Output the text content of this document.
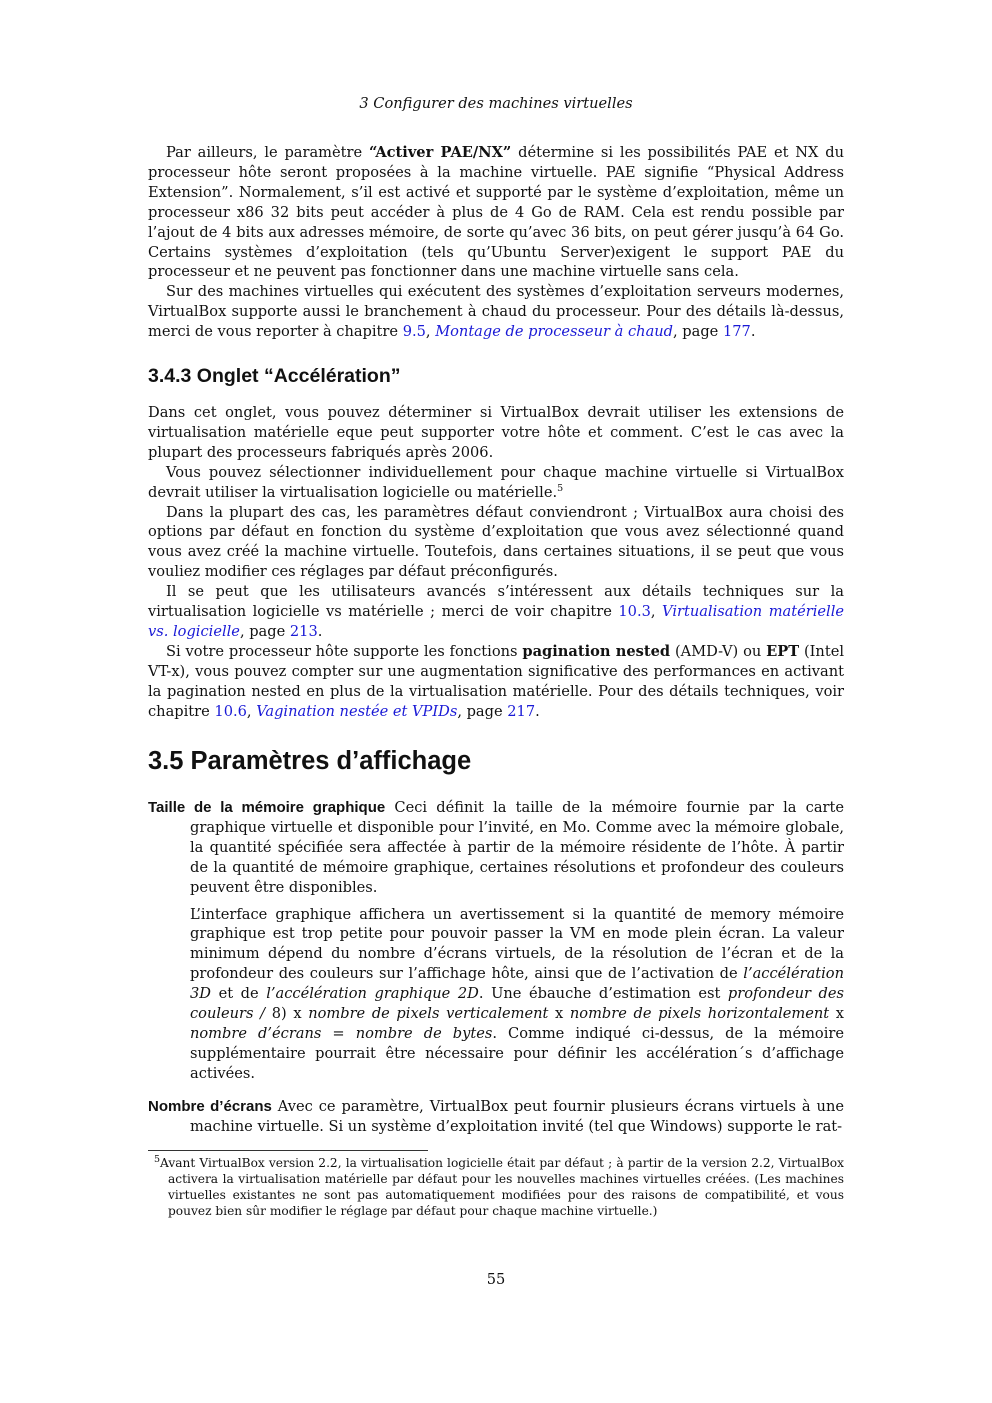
3 Configurer des machines virtuelles

Par ailleurs, le paramètre “Activer PAE/NX” détermine si les possibilités PAE et NX du processeur hôte seront proposées à la machine virtuelle. PAE signifie “Physical Address Extension”. Normalement, s’il est activé et supporté par le système d’exploitation, même un processeur x86 32 bits peut accéder à plus de 4 Go de RAM. Cela est rendu possible par l’ajout de 4 bits aux adresses mémoire, de sorte qu’avec 36 bits, on peut gérer jusqu’à 64 Go. Certains systèmes d’exploitation (tels qu’Ubuntu Server)exigent le support PAE du processeur et ne peuvent pas fonctionner dans une machine virtuelle sans cela.

Sur des machines virtuelles qui exécutent des systèmes d’exploitation serveurs modernes, VirtualBox supporte aussi le branchement à chaud du processeur. Pour des détails là-dessus, merci de vous reporter à chapitre 9.5, Montage de processeur à chaud, page 177.

3.4.3 Onglet “Accélération”

Dans cet onglet, vous pouvez déterminer si VirtualBox devrait utiliser les extensions de virtualisation matérielle eque peut supporter votre hôte et comment. C’est le cas avec la plupart des processeurs fabriqués après 2006.

Vous pouvez sélectionner individuellement pour chaque machine virtuelle si VirtualBox devrait utiliser la virtualisation logicielle ou matérielle.$^5$

Dans la plupart des cas, les paramètres défaut conviendront ; VirtualBox aura choisi des options par défaut en fonction du système d’exploitation que vous avez sélectionné quand vous avez créé la machine virtuelle. Toutefois, dans certaines situations, il se peut que vous vouliez modifier ces réglages par défaut préconfigurés.

Il se peut que les utilisateurs avancés s’intéressent aux détails techniques sur la virtualisation logicielle vs matérielle ; merci de voir chapitre 10.3, Virtualisation matérielle vs. logicielle, page 213.

Si votre processeur hôte supporte les fonctions pagination nested (AMD-V) ou EPT (Intel VT-x), vous pouvez compter sur une augmentation significative des performances en activant la pagination nested en plus de la virtualisation matérielle. Pour des détails techniques, voir chapitre 10.6, Vagination nestée et VPIDs, page 217.

3.5 Paramètres d’affichage

Taille de la mémoire graphique Ceci définit la taille de la mémoire fournie par la carte graphique virtuelle et disponible pour l’invité, en Mo. Comme avec la mémoire globale, la quantité spécifiée sera affectée à partir de la mémoire résidente de l’hôte. À partir de la quantité de mémoire graphique, certaines résolutions et profondeur des couleurs peuvent être disponibles.

L’interface graphique affichera un avertissement si la quantité de memory mémoire graphique est trop petite pour pouvoir passer la VM en mode plein écran. La valeur minimum dépend du nombre d’écrans virtuels, de la résolution de l’écran et de la profondeur des couleurs sur l’affichage hôte, ainsi que de l’activation de l’accélération 3D et de l’accélération graphique 2D. Une ébauche d’estimation est profondeur des couleurs / 8) x nombre de pixels verticalement x nombre de pixels horizontalement x nombre d’écrans = nombre de bytes. Comme indiqué ci-dessus, de la mémoire supplémentaire pourrait être nécessaire pour définir les accélération´s d’affichage activées.

Nombre d’écrans Avec ce paramètre, VirtualBox peut fournir plusieurs écrans virtuels à une machine virtuelle. Si un système d’exploitation invité (tel que Windows) supporte le rat-

$^5$Avant VirtualBox version 2.2, la virtualisation logicielle était par défaut ; à partir de la version 2.2, VirtualBox activera la virtualisation matérielle par défaut pour les nouvelles machines virtuelles créées. (Les machines virtuelles existantes ne sont pas automatiquement modifiées pour des raisons de compatibilité, et vous pouvez bien sûr modifier le réglage par défaut pour chaque machine virtuelle.)

55
